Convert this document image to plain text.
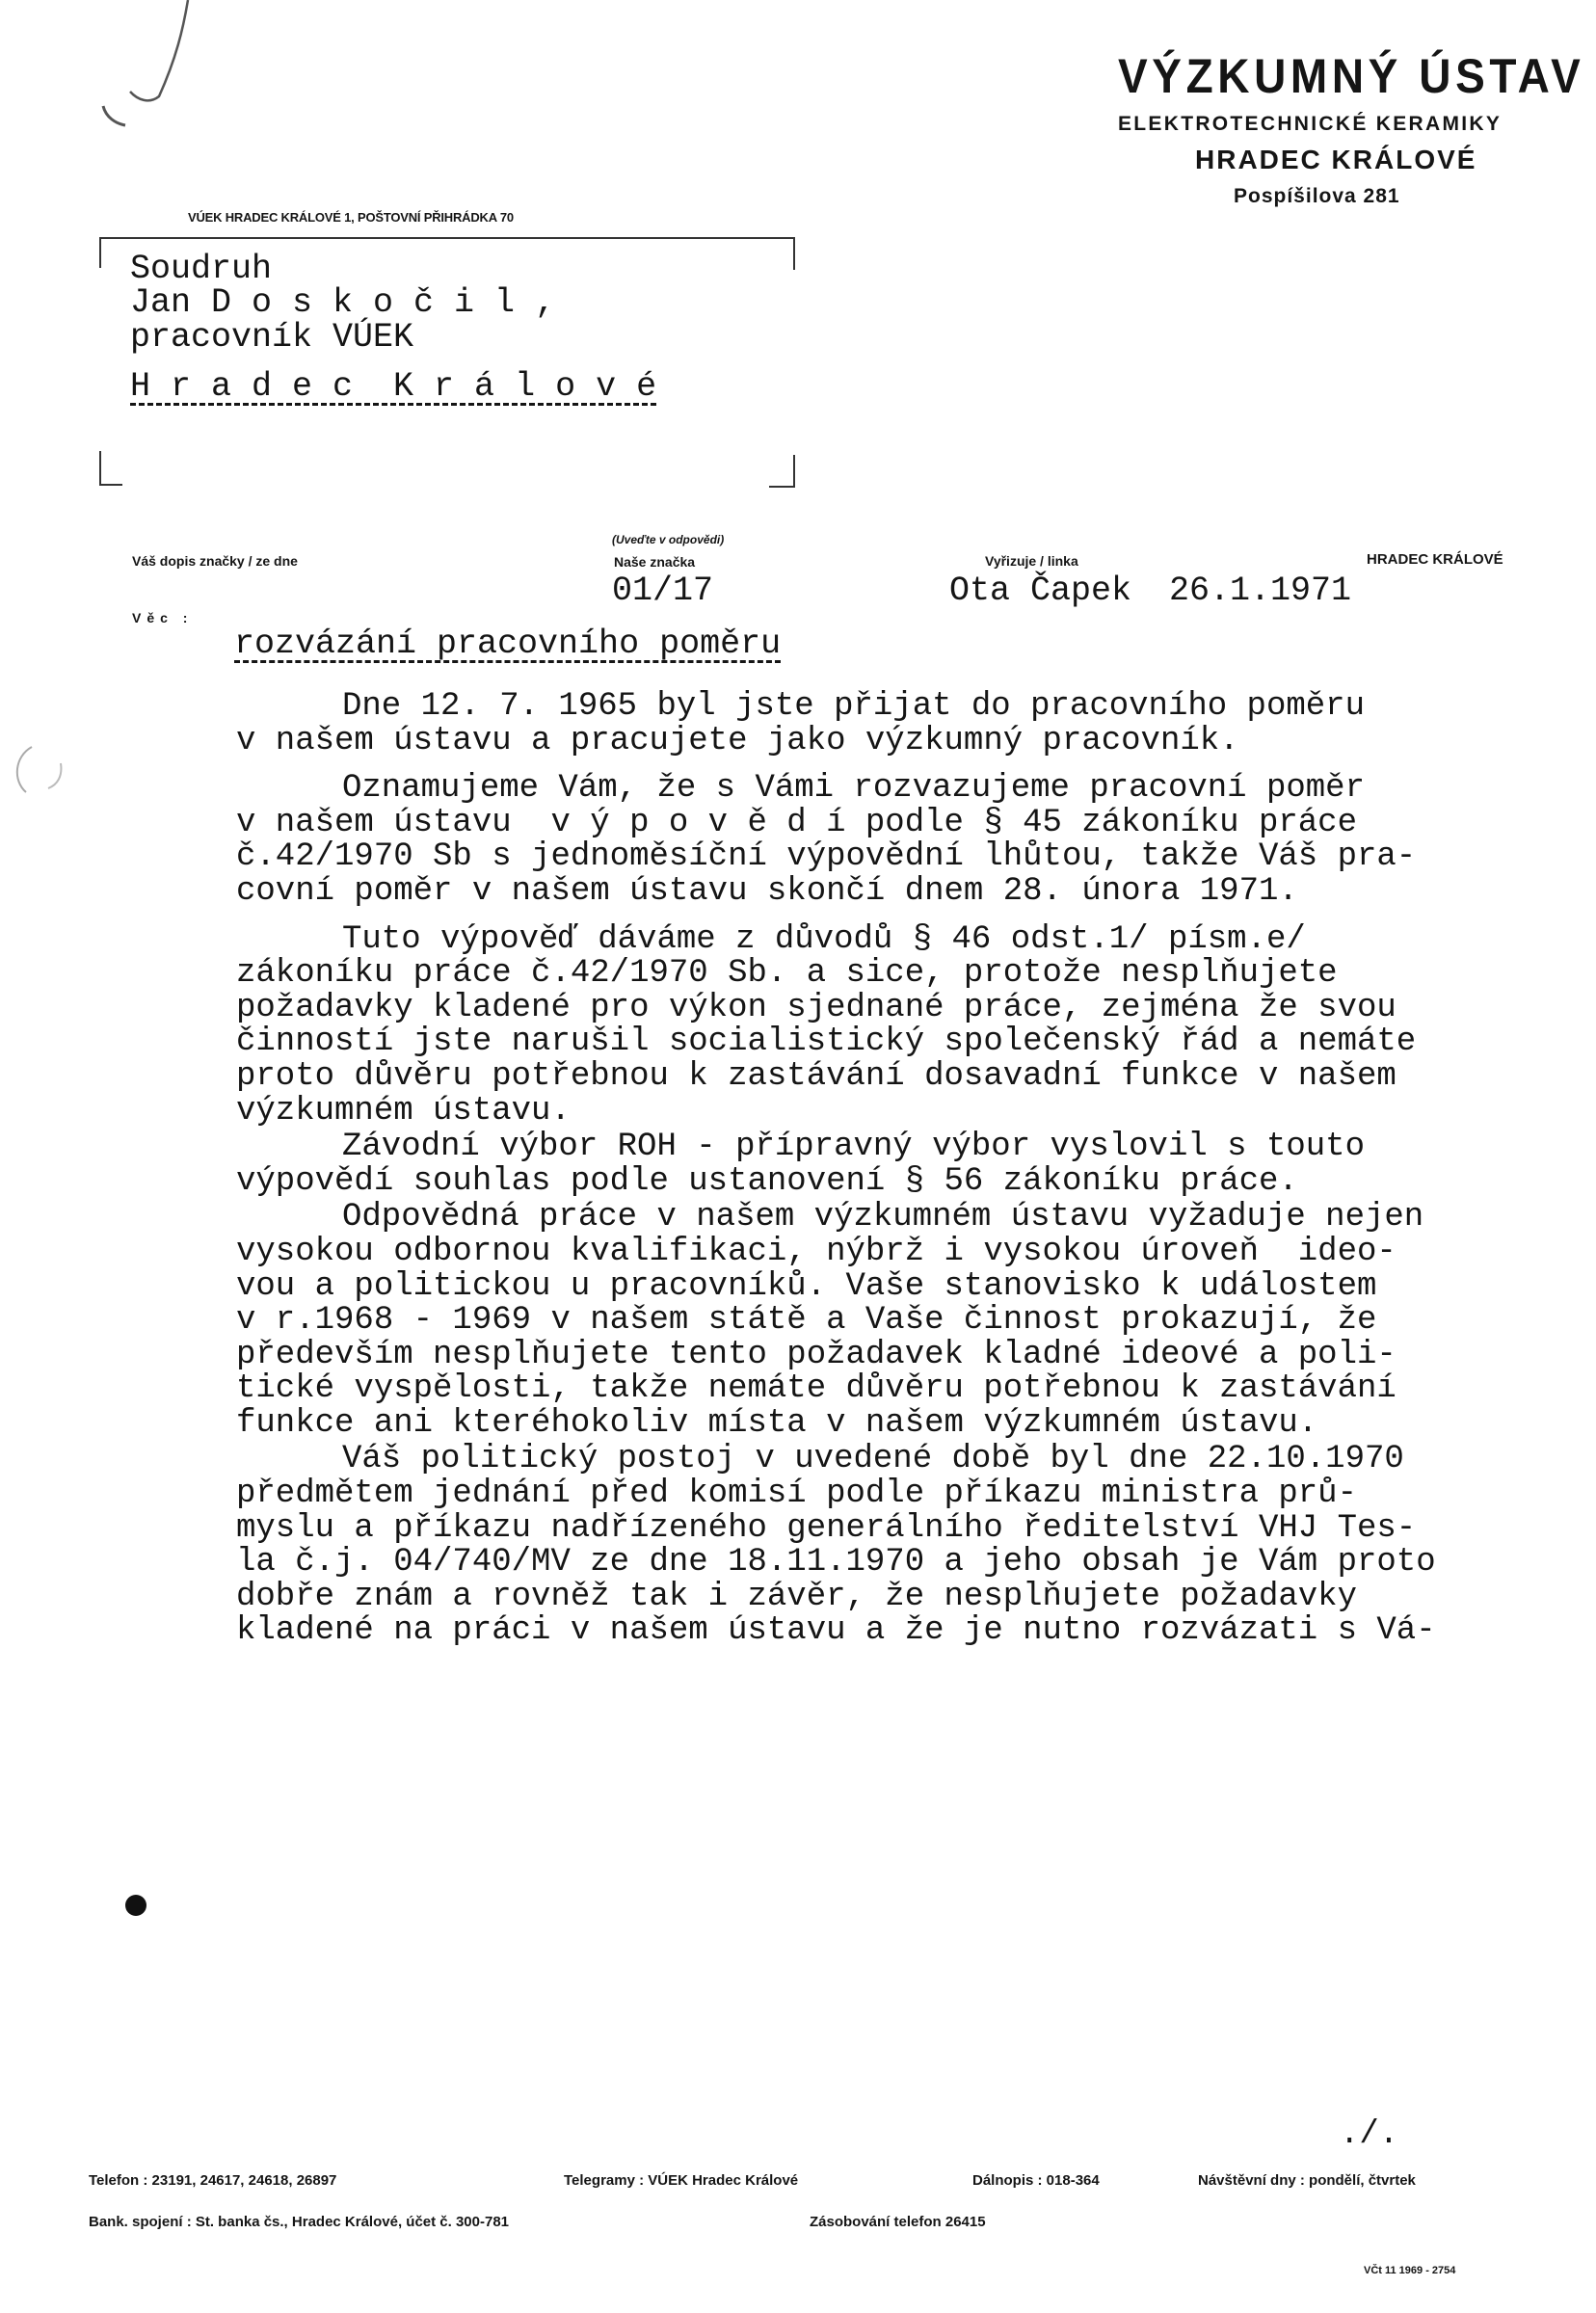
VÝZKUMNÝ ÚSTAV
ELEKTROTECHNICKÉ KERAMIKY
HRADEC KRÁLOVÉ
Pospíšilova 281
VÚEK HRADEC KRÁLOVÉ 1, POŠTOVNÍ PŘIHRÁDKA 70
Soudruh
Jan D o s k o č i l ,
pracovník VÚEK
H r a d e c  K r á l o v é
Váš dopis značky / ze dne
(Uveďte v odpovědi)
Naše značka
01/17
Vyřizuje / linka
Ota Čapek
HRADEC KRÁLOVÉ
26.1.1971
Věc :
rozvázání pracovního poměru
Dne 12. 7. 1965 byl jste přijat do pracovního poměru
v našem ústavu a pracujete jako výzkumný pracovník.
Oznamujeme Vám, že s Vámi rozvazujeme pracovní poměr
v našem ústavu  v ý p o v ě d í podle § 45 zákoníku práce
č.42/1970 Sb s jednoměsíční výpovědní lhůtou, takže Váš pra-
covní poměr v našem ústavu skončí dnem 28. února 1971.
Tuto výpověď dáváme z důvodů § 46 odst.1/ písm.e/
zákoníku práce č.42/1970 Sb. a sice, protože nesplňujete
požadavky kladené pro výkon sjednané práce, zejména že svou
činností jste narušil socialistický společenský řád a nemáte
proto důvěru potřebnou k zastávání dosavadní funkce v našem
výzkumném ústavu.
Závodní výbor ROH - přípravný výbor vyslovil s touto
výpovědí souhlas podle ustanovení § 56 zákoníku práce.
Odpovědná práce v našem výzkumném ústavu vyžaduje nejen
vysokou odbornou kvalifikaci, nýbrž i vysokou úroveň  ideo-
vou a politickou u pracovníků. Vaše stanovisko k událostem
v r.1968 - 1969 v našem státě a Vaše činnost prokazují, že
především nesplňujete tento požadavek kladné ideové a poli-
tické vyspělosti, takže nemáte důvěru potřebnou k zastávání
funkce ani kteréhokoliv místa v našem výzkumném ústavu.
Váš politický postoj v uvedené době byl dne 22.10.1970
předmětem jednání před komisí podle příkazu ministra prů-
myslu a příkazu nadřízeného generálního ředitelství VHJ Tes-
la č.j. 04/740/MV ze dne 18.11.1970 a jeho obsah je Vám proto
dobře znám a rovněž tak i závěr, že nesplňujete požadavky
kladené na práci v našem ústavu a že je nutno rozvázati s Vá-
./.
Telefon : 23191, 24617, 24618, 26897	Telegramy : VÚEK Hradec Králové	Dálnopis : 018-364	Návštěvní dny : pondělí, čtvrtek
Bank. spojení : St. banka čs., Hradec Králové, účet č. 300-781	Zásobování telefon 26415
VČt 11 1969 - 2754
